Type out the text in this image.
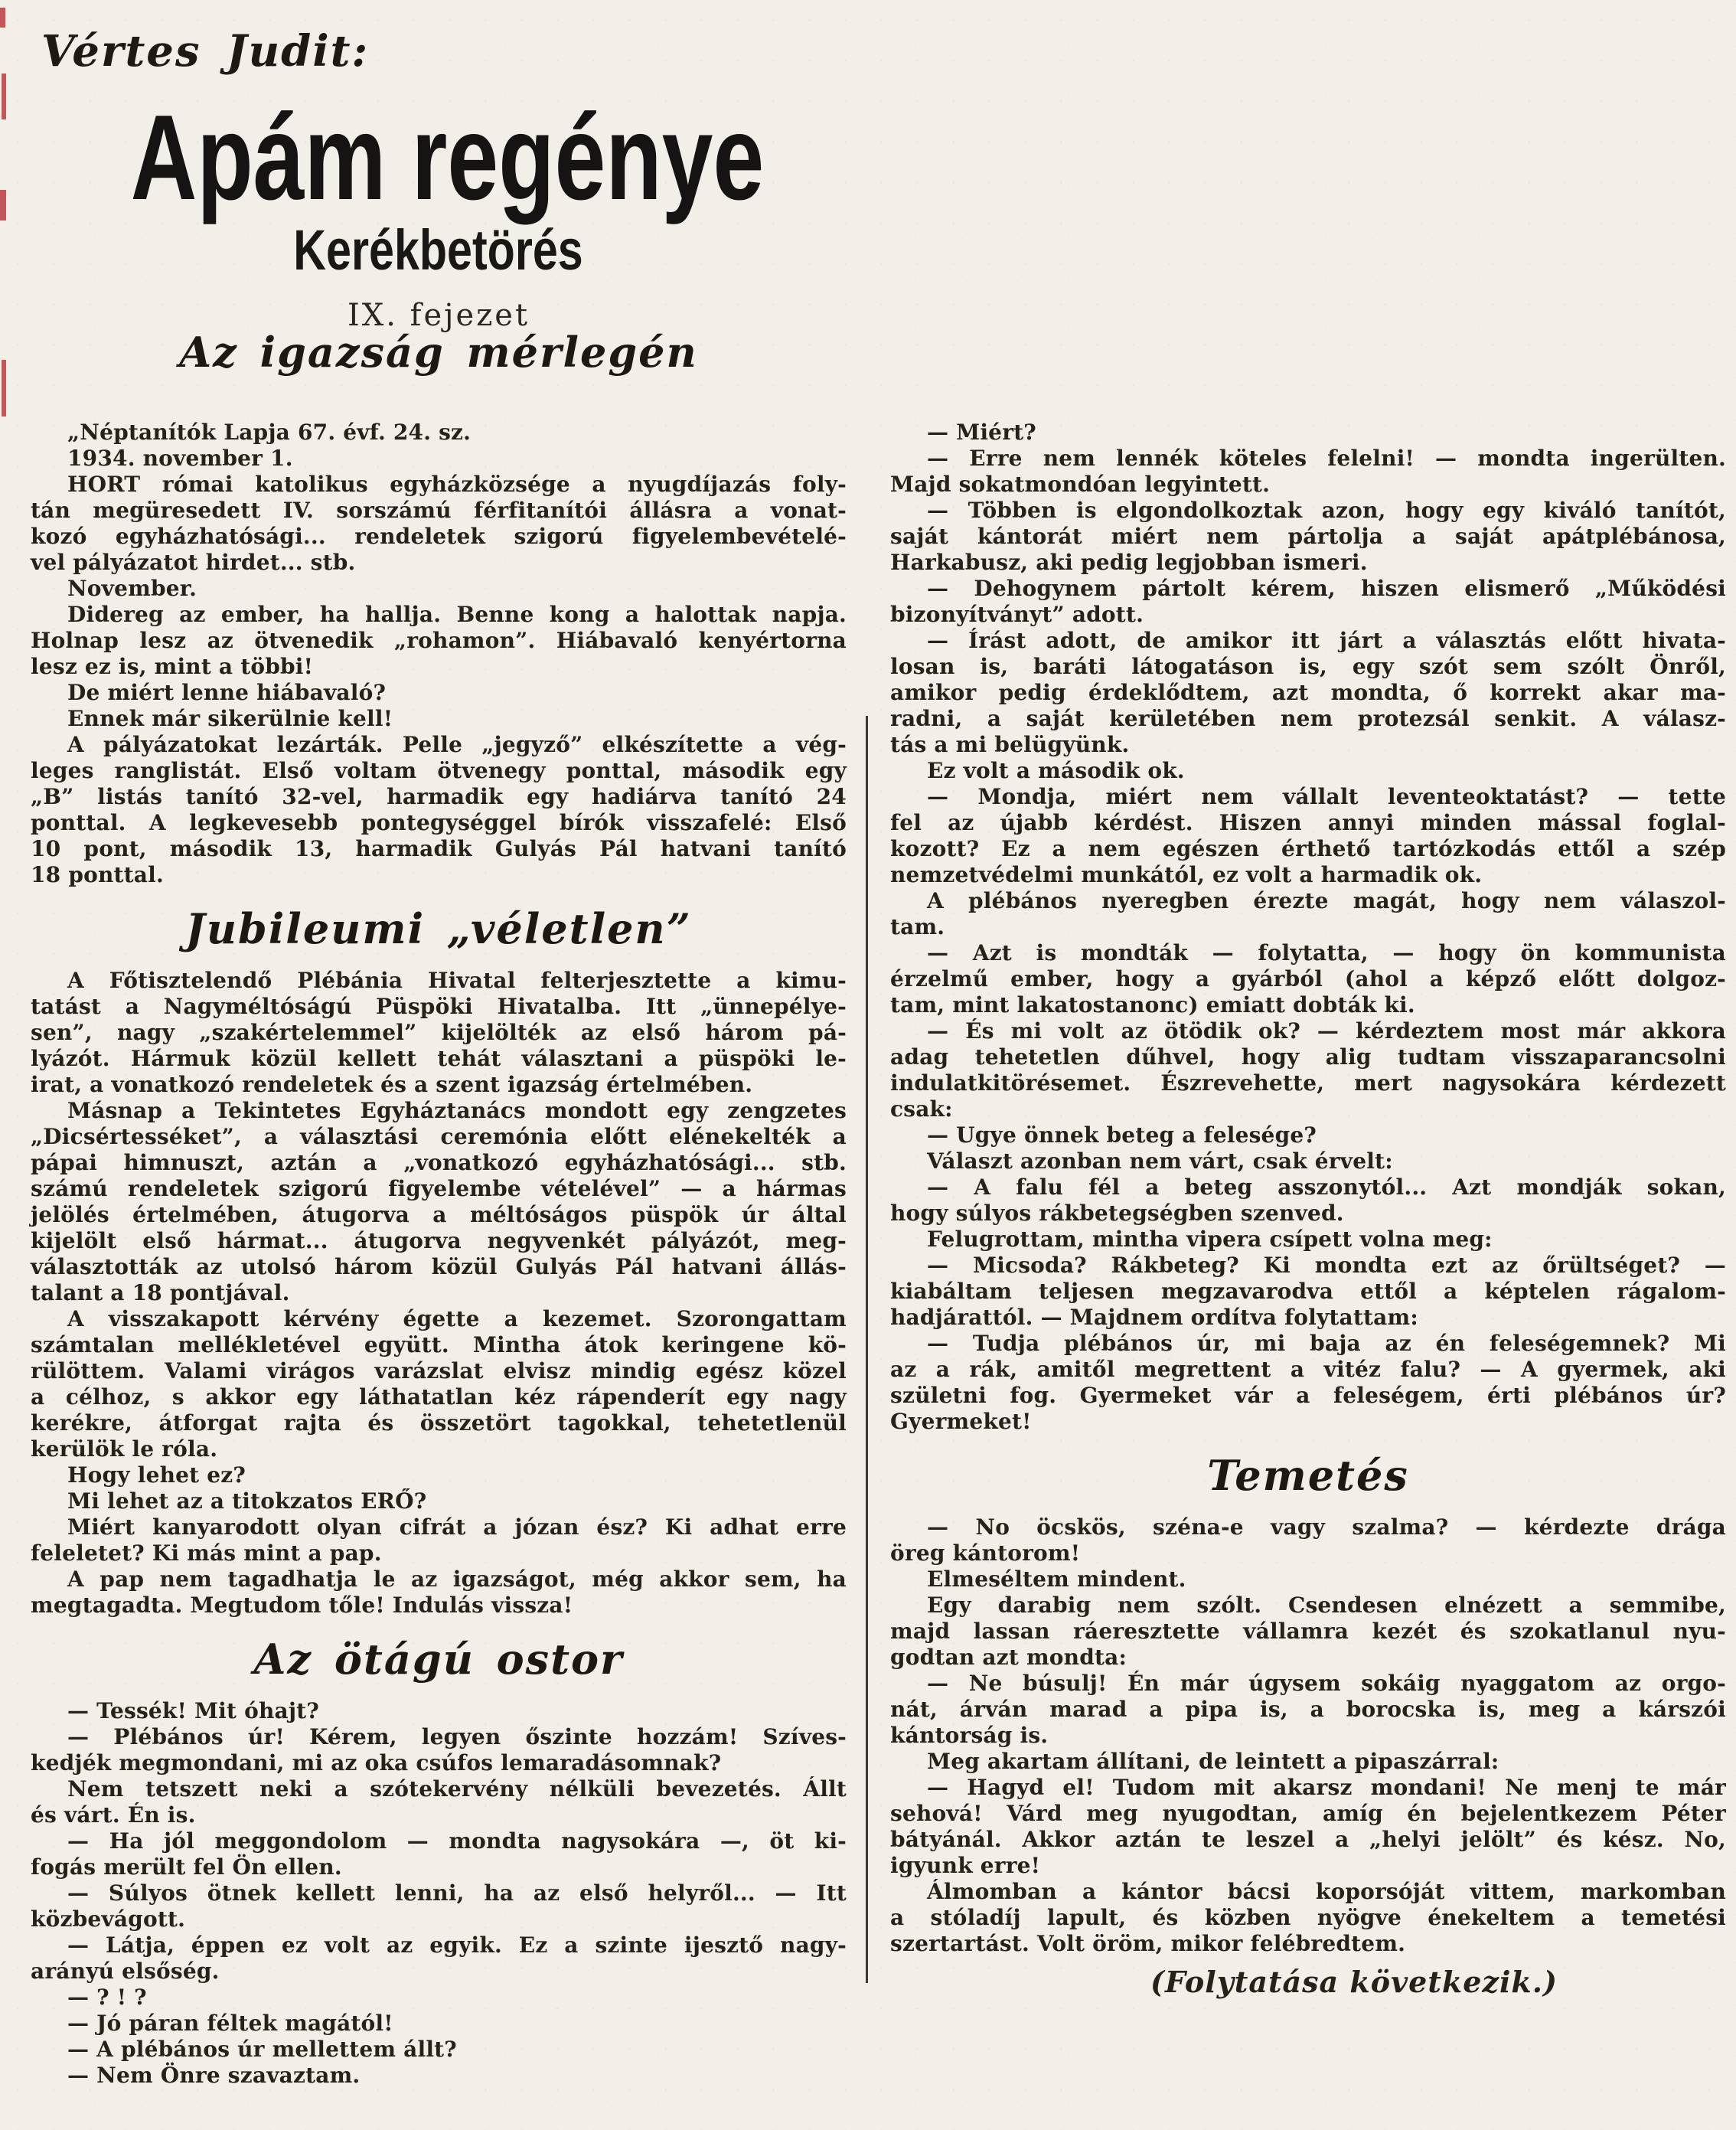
Vértes Judit:
Apám regénye
Kerékbetörés
IX. fejezet
Az igazság mérlegén
„Néptanítók Lapja 67. évf. 24. sz.
1934. november 1.
HORT római katolikus egyházközsége a nyugdíjazás foly-
tán megüresedett IV. sorszámú férfitanítói állásra a vonat-
kozó egyházhatósági... rendeletek szigorú figyelembevételé-
vel pályázatot hirdet... stb.
November.
Didereg az ember, ha hallja. Benne kong a halottak napja.
Holnap lesz az ötvenedik „rohamon”. Hiábavaló kenyértorna
lesz ez is, mint a többi!
De miért lenne hiábavaló?
Ennek már sikerülnie kell!
A pályázatokat lezárták. Pelle „jegyző” elkészítette a vég-
leges ranglistát. Első voltam ötvenegy ponttal, második egy
„B” listás tanító 32-vel, harmadik egy hadiárva tanító 24
ponttal. A legkevesebb pontegységgel bírók visszafelé: Első
10 pont, második 13, harmadik Gulyás Pál hatvani tanító
18 ponttal.
Jubileumi „véletlen”
A Főtisztelendő Plébánia Hivatal felterjesztette a kimu-
tatást a Nagyméltóságú Püspöki Hivatalba. Itt „ünnepélye-
sen”, nagy „szakértelemmel” kijelölték az első három pá-
lyázót. Hármuk közül kellett tehát választani a püspöki le-
irat, a vonatkozó rendeletek és a szent igazság értelmében.
Másnap a Tekintetes Egyháztanács mondott egy zengzetes
„Dicsértesséket”, a választási ceremónia előtt elénekelték a
pápai himnuszt, aztán a „vonatkozó egyházhatósági... stb.
számú rendeletek szigorú figyelembe vételével” — a hármas
jelölés értelmében, átugorva a méltóságos püspök úr által
kijelölt első hármat... átugorva negyvenkét pályázót, meg-
választották az utolsó három közül Gulyás Pál hatvani állás-
talant a 18 pontjával.
A visszakapott kérvény égette a kezemet. Szorongattam
számtalan mellékletével együtt. Mintha átok keringene kö-
rülöttem. Valami virágos varázslat elvisz mindig egész közel
a célhoz, s akkor egy láthatatlan kéz rápenderít egy nagy
kerékre, átforgat rajta és összetört tagokkal, tehetetlenül
kerülök le róla.
Hogy lehet ez?
Mi lehet az a titokzatos ERŐ?
Miért kanyarodott olyan cifrát a józan ész? Ki adhat erre
feleletet? Ki más mint a pap.
A pap nem tagadhatja le az igazságot, még akkor sem, ha
megtagadta. Megtudom tőle! Indulás vissza!
Az ötágú ostor
— Tessék! Mit óhajt?
— Plébános úr! Kérem, legyen őszinte hozzám! Szíves-
kedjék megmondani, mi az oka csúfos lemaradásomnak?
Nem tetszett neki a szótekervény nélküli bevezetés. Állt
és várt. Én is.
— Ha jól meggondolom — mondta nagysokára —, öt ki-
fogás merült fel Ön ellen.
— Súlyos ötnek kellett lenni, ha az első helyről... — Itt
közbevágott.
— Látja, éppen ez volt az egyik. Ez a szinte ijesztő nagy-
arányú elsőség.
— ? ! ?
— Jó páran féltek magától!
— A plébános úr mellettem állt?
— Nem Önre szavaztam.
— Miért?
— Erre nem lennék köteles felelni! — mondta ingerülten.
Majd sokatmondóan legyintett.
— Többen is elgondolkoztak azon, hogy egy kiváló tanítót,
saját kántorát miért nem pártolja a saját apátplébánosa,
Harkabusz, aki pedig legjobban ismeri.
— Dehogynem pártolt kérem, hiszen elismerő „Működési
bizonyítványt” adott.
— Írást adott, de amikor itt járt a választás előtt hivata-
losan is, baráti látogatáson is, egy szót sem szólt Önről,
amikor pedig érdeklődtem, azt mondta, ő korrekt akar ma-
radni, a saját kerületében nem protezsál senkit. A válasz-
tás a mi belügyünk.
Ez volt a második ok.
— Mondja, miért nem vállalt leventeoktatást? — tette
fel az újabb kérdést. Hiszen annyi minden mással foglal-
kozott? Ez a nem egészen érthető tartózkodás ettől a szép
nemzetvédelmi munkától, ez volt a harmadik ok.
A plébános nyeregben érezte magát, hogy nem válaszol-
tam.
— Azt is mondták — folytatta, — hogy ön kommunista
érzelmű ember, hogy a gyárból (ahol a képző előtt dolgoz-
tam, mint lakatostanonc) emiatt dobták ki.
— És mi volt az ötödik ok? — kérdeztem most már akkora
adag tehetetlen dűhvel, hogy alig tudtam visszaparancsolni
indulatkitörésemet. Észrevehette, mert nagysokára kérdezett
csak:
— Ugye önnek beteg a felesége?
Választ azonban nem várt, csak érvelt:
— A falu fél a beteg asszonytól... Azt mondják sokan,
hogy súlyos rákbetegségben szenved.
Felugrottam, mintha vipera csípett volna meg:
— Micsoda? Rákbeteg? Ki mondta ezt az őrültséget? —
kiabáltam teljesen megzavarodva ettől a képtelen rágalom-
hadjárattól. — Majdnem ordítva folytattam:
— Tudja plébános úr, mi baja az én feleségemnek? Mi
az a rák, amitől megrettent a vitéz falu? — A gyermek, aki
születni fog. Gyermeket vár a feleségem, érti plébános úr?
Gyermeket!
Temetés
— No öcskös, széna-e vagy szalma? — kérdezte drága
öreg kántorom!
Elmeséltem mindent.
Egy darabig nem szólt. Csendesen elnézett a semmibe,
majd lassan ráeresztette vállamra kezét és szokatlanul nyu-
godtan azt mondta:
— Ne búsulj! Én már úgysem sokáig nyaggatom az orgo-
nát, árván marad a pipa is, a borocska is, meg a kárszói
kántorság is.
Meg akartam állítani, de leintett a pipaszárral:
— Hagyd el! Tudom mit akarsz mondani! Ne menj te már
sehová! Várd meg nyugodtan, amíg én bejelentkezem Péter
bátyánál. Akkor aztán te leszel a „helyi jelölt” és kész. No,
igyunk erre!
Álmomban a kántor bácsi koporsóját vittem, markomban
a stóladíj lapult, és közben nyögve énekeltem a temetési
szertartást. Volt öröm, mikor felébredtem.
(Folytatása következik.)
